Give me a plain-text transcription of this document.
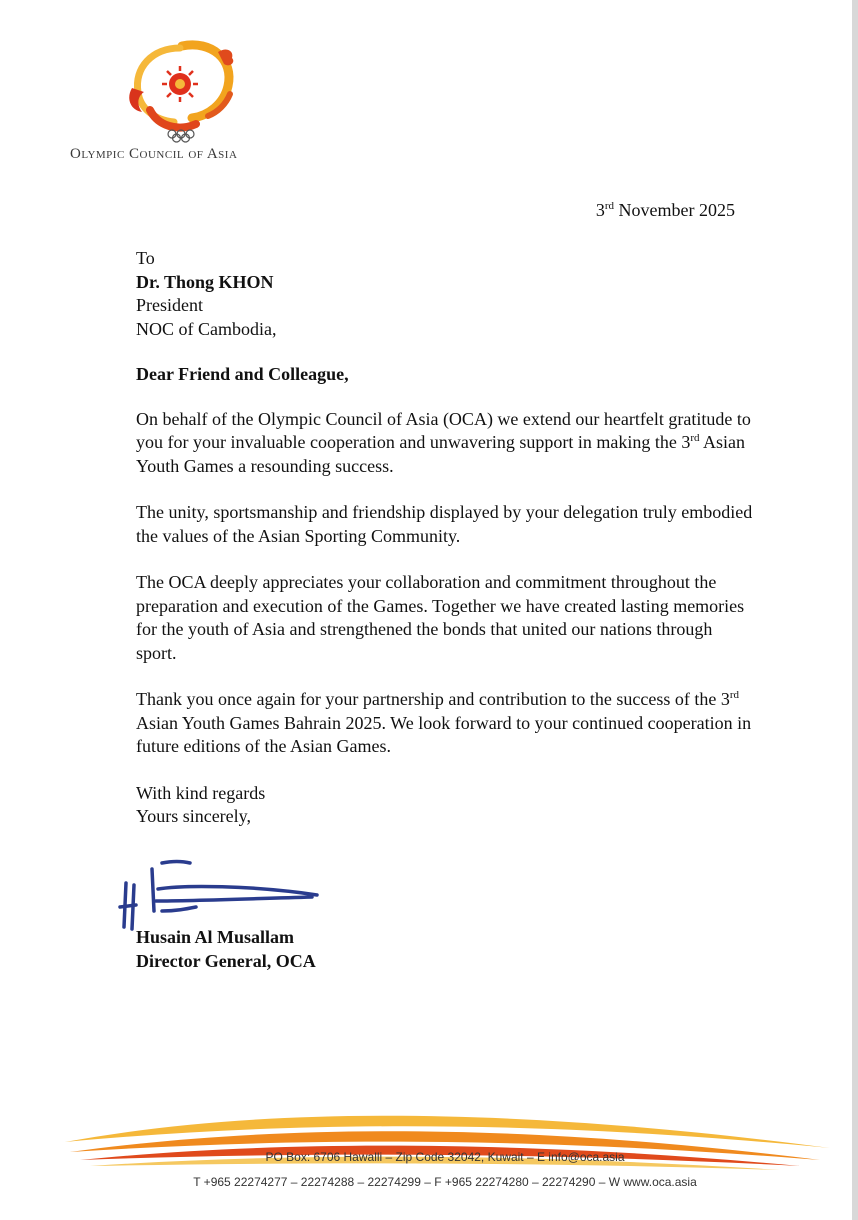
Olympic Council of Asia
3rd November 2025
To
Dr. Thong KHON
President
NOC of Cambodia,
Dear Friend and Colleague,

On behalf of the Olympic Council of Asia (OCA) we extend our heartfelt gratitude to you for your invaluable cooperation and unwavering support in making the 3rd Asian Youth Games a resounding success.

The unity, sportsmanship and friendship displayed by your delegation truly embodied the values of the Asian Sporting Community.

The OCA deeply appreciates your collaboration and commitment throughout the preparation and execution of the Games. Together we have created lasting memories for the youth of Asia and strengthened the bonds that united our nations through sport.

Thank you once again for your partnership and contribution to the success of the 3rd Asian Youth Games Bahrain 2025. We look forward to your continued cooperation in future editions of the Asian Games.

With kind regards
Yours sincerely,
Husain Al Musallam
Director General, OCA
PO Box: 6706 Hawalli – Zip Code 32042, Kuwait – E info@oca.asia
T +965 22274277 – 22274288 – 22274299 – F +965 22274280 – 22274290 – W www.oca.asia
